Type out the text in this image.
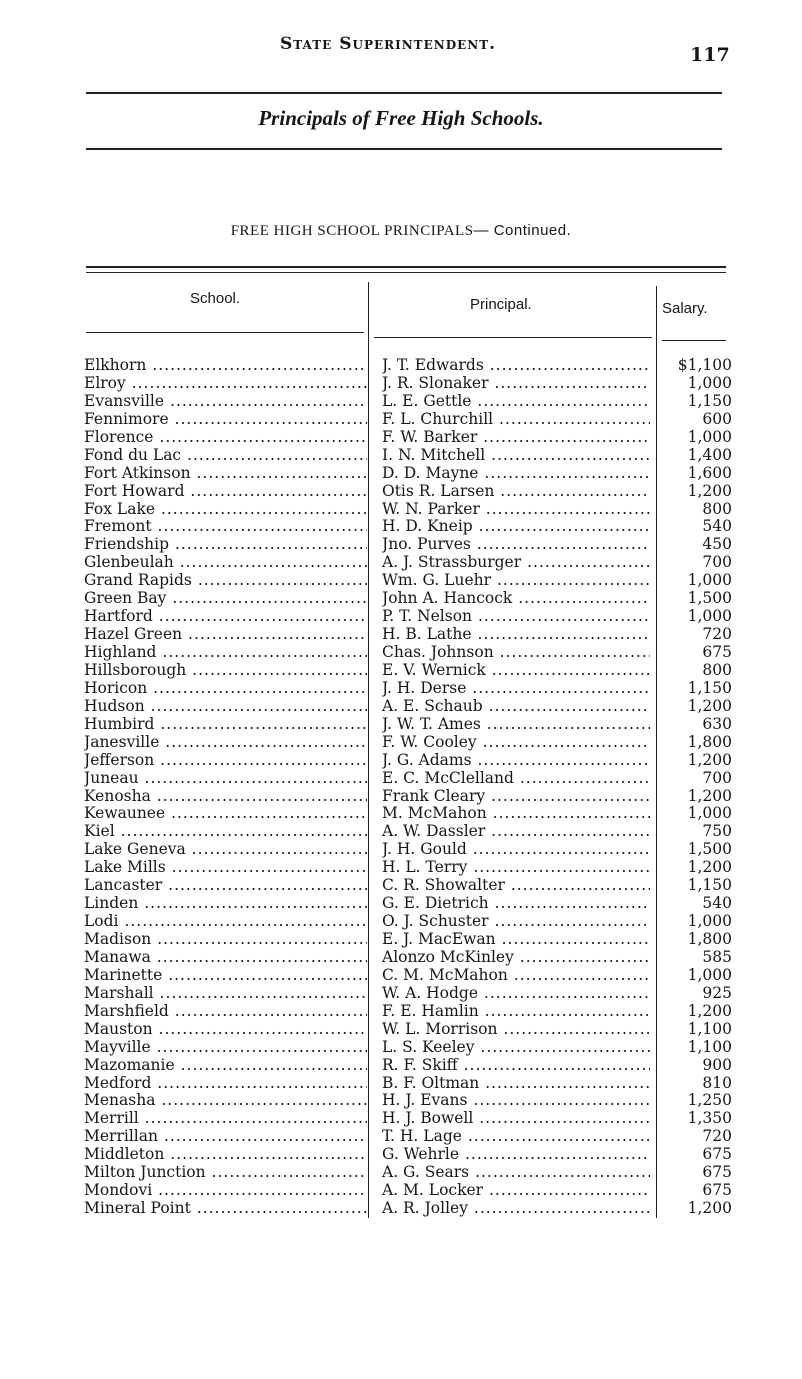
State Superintendent.	117
Principals of Free High Schools.
FREE HIGH SCHOOL PRINCIPALS— Continued.
School.	Principal.	Salary.
Elkhorn .....	J. T. Edwards .....	$1,100
Elroy .....	J. R. Slonaker .....	1,000
Evansville .....	L. E. Gettle .....	1,150
Fennimore .....	F. L. Churchill .....	600
Florence .....	F. W. Barker .....	1,000
Fond du Lac .....	I. N. Mitchell .....	1,400
Fort Atkinson .....	D. D. Mayne .....	1,600
Fort Howard .....	Otis R. Larsen .....	1,200
Fox Lake .....	W. N. Parker .....	800
Fremont .....	H. D. Kneip .....	540
Friendship .....	Jno. Purves .....	450
Glenbeulah .....	A. J. Strassburger .....	700
Grand Rapids .....	Wm. G. Luehr .....	1,000
Green Bay .....	John A. Hancock .....	1,500
Hartford .....	P. T. Nelson .....	1,000
Hazel Green .....	H. B. Lathe .....	720
Highland .....	Chas. Johnson .....	675
Hillsborough .....	E. V. Wernick .....	800
Horicon .....	J. H. Derse .....	1,150
Hudson .....	A. E. Schaub .....	1,200
Humbird .....	J. W. T. Ames .....	630
Janesville .....	F. W. Cooley .....	1,800
Jefferson .....	J. G. Adams .....	1,200
Juneau .....	E. C. McClelland .....	700
Kenosha .....	Frank Cleary .....	1,200
Kewaunee .....	M. McMahon .....	1,000
Kiel .....	A. W. Dassler .....	750
Lake Geneva .....	J. H. Gould .....	1,500
Lake Mills .....	H. L. Terry .....	1,200
Lancaster .....	C. R. Showalter .....	1,150
Linden .....	G. E. Dietrich .....	540
Lodi .....	O. J. Schuster .....	1,000
Madison .....	E. J. MacEwan .....	1,800
Manawa .....	Alonzo McKinley .....	585
Marinette .....	C. M. McMahon .....	1,000
Marshall .....	W. A. Hodge .....	925
Marshfield .....	F. E. Hamlin .....	1,200
Mauston .....	W. L. Morrison .....	1,100
Mayville .....	L. S. Keeley .....	1,100
Mazomanie .....	R. F. Skiff .....	900
Medford .....	B. F. Oltman .....	810
Menasha .....	H. J. Evans .....	1,250
Merrill .....	H. J. Bowell .....	1,350
Merrillan .....	T. H. Lage .....	720
Middleton .....	G. Wehrle .....	675
Milton Junction .....	A. G. Sears .....	675
Mondovi .....	A. M. Locker .....	675
Mineral Point .....	A. R. Jolley .....	1,200
